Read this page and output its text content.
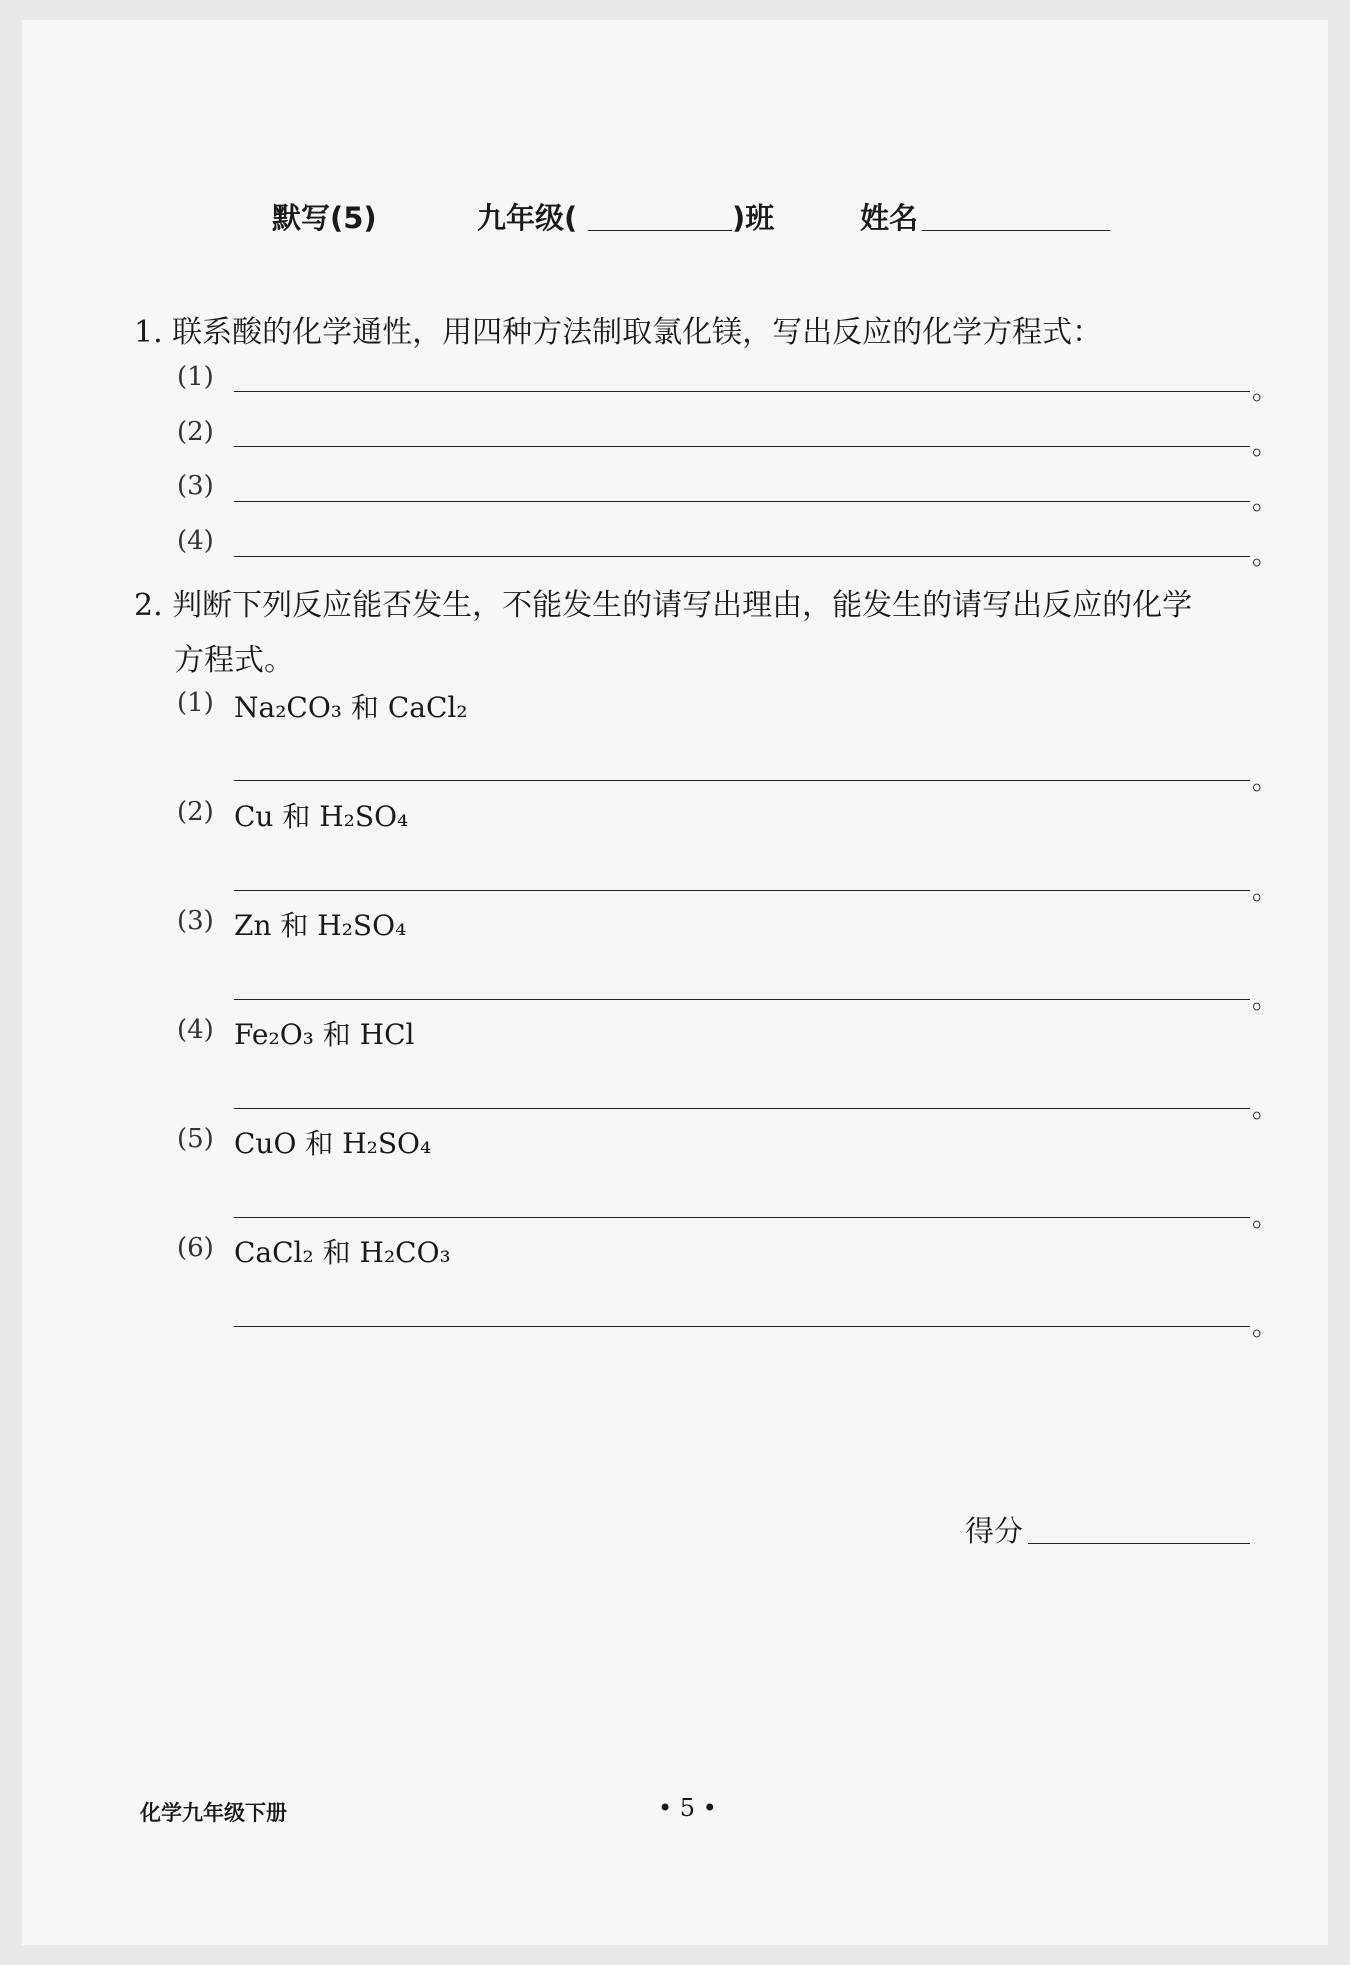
默写(5)	九年级(	)班	姓名
1. 联系酸的化学通性，用四种方法制取氯化镁，写出反应的化学方程式：
(1)	。
(2)	。
(3)	。
(4)	。
2. 判断下列反应能否发生，不能发生的请写出理由，能发生的请写出反应的化学
方程式。
(1) Na₂CO₃ 和 CaCl₂
。
(2) Cu 和 H₂SO₄
。
(3) Zn 和 H₂SO₄
。
(4) Fe₂O₃ 和 HCl
。
(5) CuO 和 H₂SO₄
。
(6) CaCl₂ 和 H₂CO₃
。
得分
化学九年级下册	• 5 •
